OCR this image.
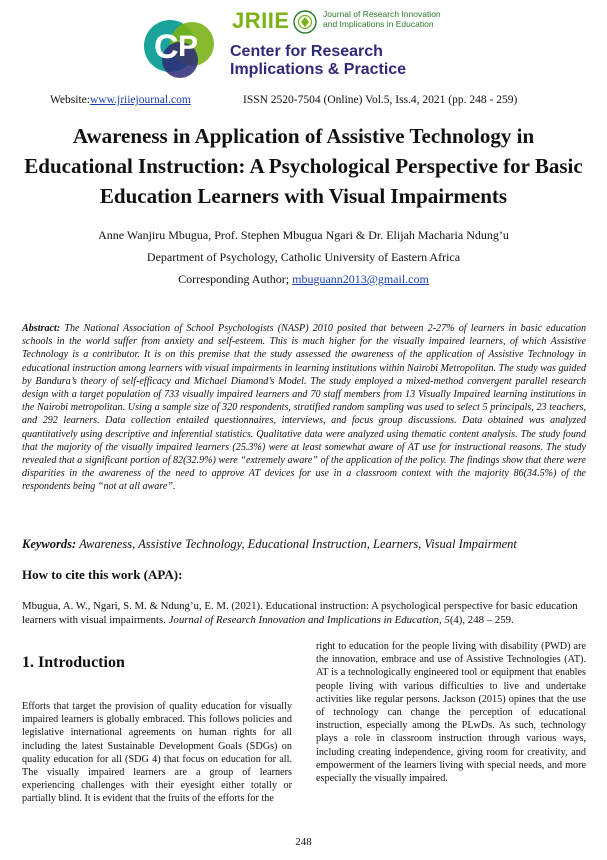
C P
JRIIE	Journal of Research Innovation
and Implications in Education
Center for Research
Implications & Practice
Website:www.jriiejournal.com	ISSN 2520-7504 (Online) Vol.5, Iss.4, 2021 (pp. 248 - 259)
Awareness in Application of Assistive Technology in Educational Instruction: A Psychological Perspective for Basic Education Learners with Visual Impairments
Anne Wanjiru Mbugua, Prof. Stephen Mbugua Ngari & Dr. Elijah Macharia Ndung’u
Department of Psychology, Catholic University of Eastern Africa
Corresponding Author; mbuguann2013@gmail.com
Abstract: The National Association of School Psychologists (NASP) 2010 posited that between 2-27% of learners in basic education schools in the world suffer from anxiety and self-esteem. This is much higher for the visually impaired learners, of which Assistive Technology is a contributor. It is on this premise that the study assessed the awareness of the application of Assistive Technology in educational instruction among learners with visual impairments in learning institutions within Nairobi Metropolitan. The study was guided by Bandura’s theory of self-efficacy and Michael Diamond’s Model. The study employed a mixed-method convergent parallel research design with a target population of 733 visually impaired learners and 70 staff members from 13 Visually Impaired learning institutions in the Nairobi metropolitan. Using a sample size of 320 respondents, stratified random sampling was used to select 5 principals, 23 teachers, and 292 learners. Data collection entailed questionnaires, interviews, and focus group discussions. Data obtained was analyzed quantitatively using descriptive and inferential statistics. Qualitative data were analyzed using thematic content analysis. The study found that the majority of the visually impaired learners (25.3%) were at least somewhat aware of AT use for instructional reasons. The study revealed that a significant portion of 82(32.9%) were “extremely aware” of the application of the policy. The findings show that there were disparities in the awareness of the need to approve AT devices for use in a classroom context with the majority 86(34.5%) of the respondents being “not at all aware”.
Keywords: Awareness, Assistive Technology, Educational Instruction, Learners, Visual Impairment
How to cite this work (APA):
Mbugua, A. W., Ngari, S. M. & Ndung’u, E. M. (2021). Educational instruction: A psychological perspective for basic education learners with visual impairments. Journal of Research Innovation and Implications in Education, 5(4), 248 – 259.
1. Introduction
Efforts that target the provision of quality education for visually impaired learners is globally embraced. This follows policies and legislative international agreements on human rights for all including the latest Sustainable Development Goals (SDGs) on quality education for all (SDG 4) that focus on education for all. The visually impaired learners are a group of learners experiencing challenges with their eyesight either totally or partially blind. It is evident that the fruits of the efforts for the
right to education for the people living with disability (PWD) are the innovation, embrace and use of Assistive Technologies (AT). AT is a technologically engineered tool or equipment that enables people living with various difficulties to live and undertake activities like regular persons. Jackson (2015) opines that the use of technology can change the perception of educational instruction, especially among the PLwDs. As such, technology plays a role in classroom instruction through various ways, including creating independence, giving room for creativity, and empowerment of the learners living with special needs, and more especially the visually impaired.
248
